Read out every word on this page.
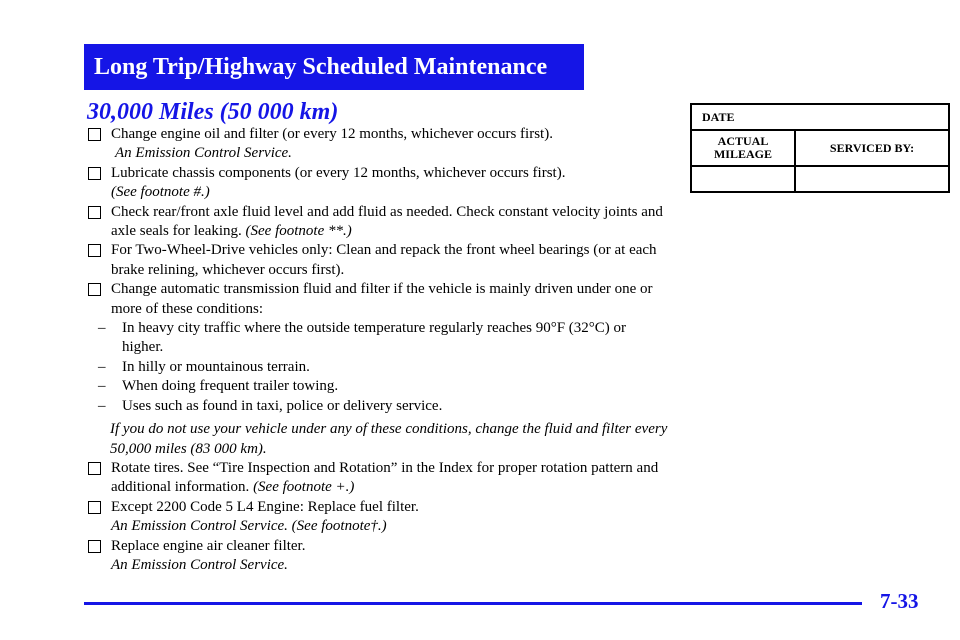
Long Trip/Highway Scheduled Maintenance
30,000 Miles (50 000 km)
Change engine oil and filter (or every 12 months, whichever occurs first).
An Emission Control Service.
Lubricate chassis components (or every 12 months, whichever occurs first).
(See footnote #.)
Check rear/front axle fluid level and add fluid as needed. Check constant velocity joints and axle seals for leaking. (See footnote **.)
For Two-Wheel-Drive vehicles only: Clean and repack the front wheel bearings (or at each brake relining, whichever occurs first).
Change automatic transmission fluid and filter if the vehicle is mainly driven under one or more of these conditions:
–	In heavy city traffic where the outside temperature regularly reaches 90°F (32°C) or higher.
–	In hilly or mountainous terrain.
–	When doing frequent trailer towing.
–	Uses such as found in taxi, police or delivery service.
If you do not use your vehicle under any of these conditions, change the fluid and filter every 50,000 miles (83 000 km).
Rotate tires. See “Tire Inspection and Rotation” in the Index for proper rotation pattern and additional information. (See footnote +.)
Except 2200 Code 5 L4 Engine: Replace fuel filter.
An Emission Control Service. (See footnote†.)
Replace engine air cleaner filter.
An Emission Control Service.
DATE	
ACTUAL MILEAGE	SERVICED BY:

7-33
